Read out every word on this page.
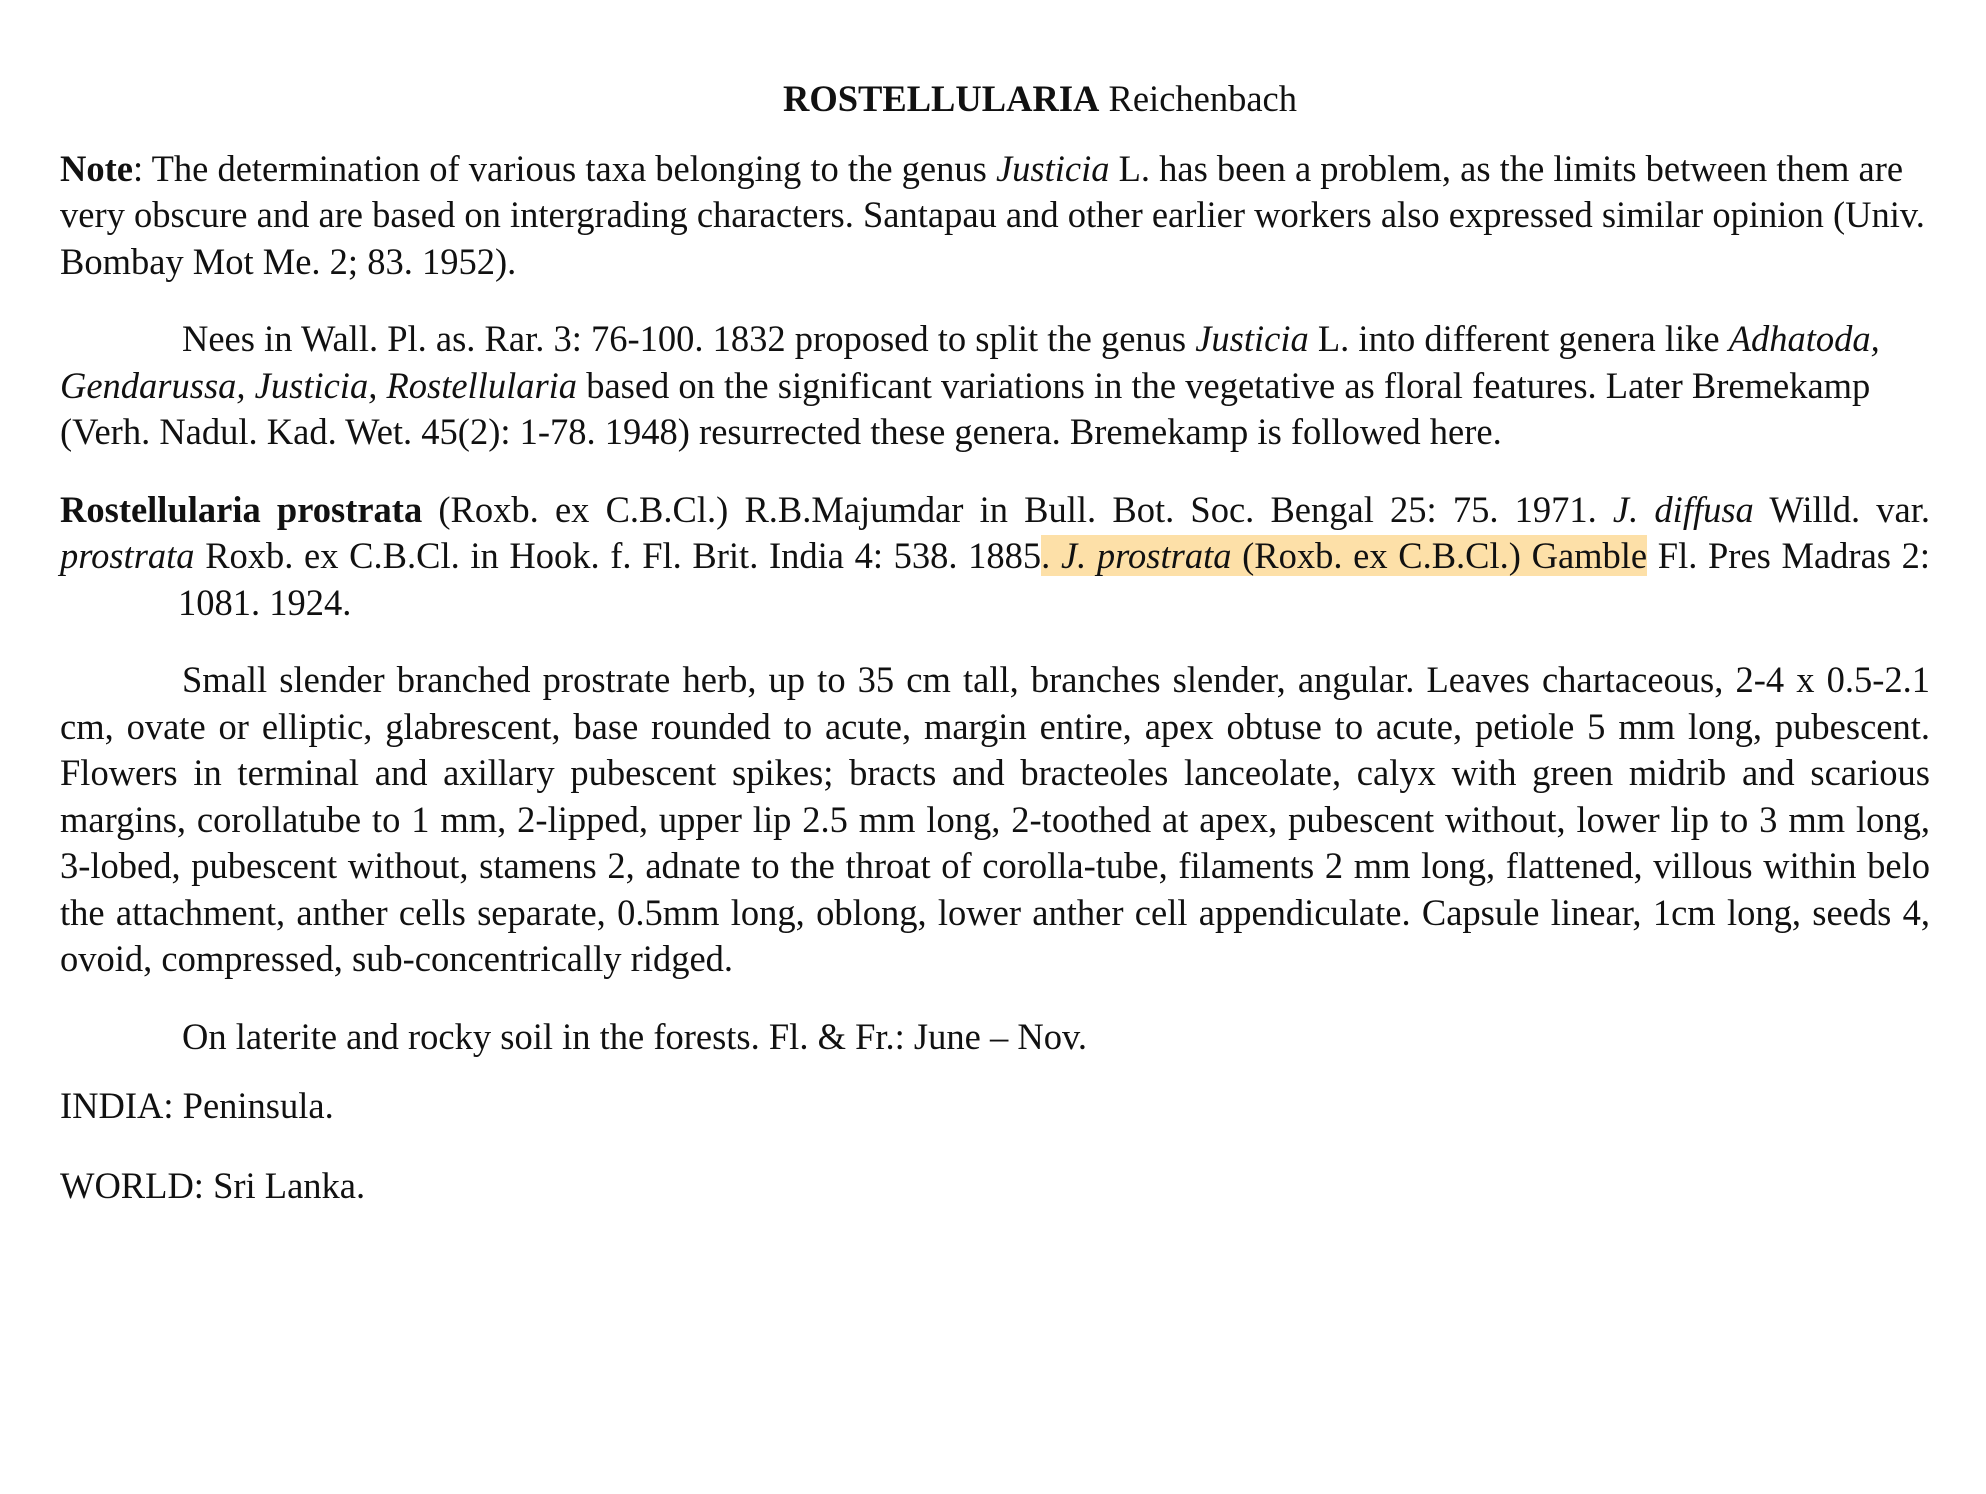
ROSTELLULARIA Reichenbach

Note: The determination of various taxa belonging to the genus Justicia L. has been a problem, as the limits between them are very obscure and are based on intergrading characters. Santapau and other earlier workers also expressed similar opinion (Univ. Bombay Mot Me. 2; 83. 1952).

Nees in Wall. Pl. as. Rar. 3: 76-100. 1832 proposed to split the genus Justicia L. into different genera like Adhatoda, Gendarussa, Justicia, Rostellularia based on the significant variations in the vegetative as floral features. Later Bremekamp (Verh. Nadul. Kad. Wet. 45(2): 1-78. 1948) resurrected these genera. Bremekamp is followed here.

Rostellularia prostrata (Roxb. ex C.B.Cl.) R.B.Majumdar in Bull. Bot. Soc. Bengal 25: 75. 1971. J. diffusa Willd. var. prostrata Roxb. ex C.B.Cl. in Hook. f. Fl. Brit. India 4: 538. 1885. J. prostrata (Roxb. ex C.B.Cl.) Gamble Fl. Pres Madras 2:1081. 1924.

Small slender branched prostrate herb, up to 35 cm tall, branches slender, angular. Leaves chartaceous, 2-4 x 0.5-2.1 cm, ovate or elliptic, glabrescent, base rounded to acute, margin entire, apex obtuse to acute, petiole 5 mm long, pubescent. Flowers in terminal and axillary pubescent spikes; bracts and bracteoles lanceolate, calyx with green midrib and scarious margins, corollatube to 1 mm, 2-lipped, upper lip 2.5 mm long, 2-toothed at apex, pubescent without, lower lip to 3 mm long, 3-lobed, pubescent without, stamens 2, adnate to the throat of corolla-tube, filaments 2 mm long, flattened, villous within belo the attachment, anther cells separate, 0.5mm long, oblong, lower anther cell appendiculate. Capsule linear, 1cm long, seeds 4, ovoid, compressed, sub-concentrically ridged.

On laterite and rocky soil in the forests. Fl. & Fr.: June – Nov.

INDIA: Peninsula.

WORLD: Sri Lanka.
